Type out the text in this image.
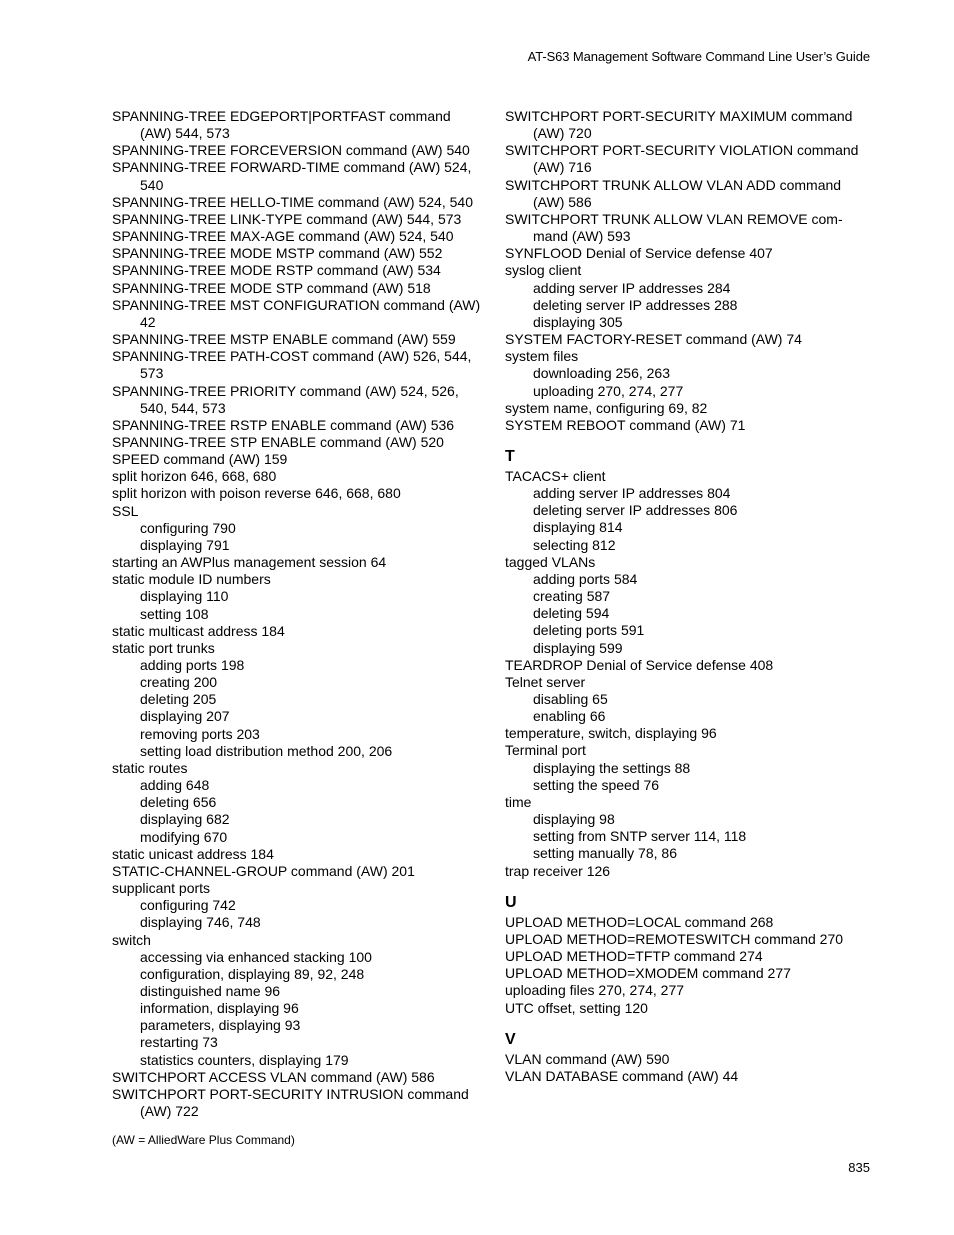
AT-S63 Management Software Command Line User’s Guide
SPANNING-TREE EDGEPORT|PORTFAST command (AW) 544, 573
SPANNING-TREE FORCEVERSION command (AW) 540
SPANNING-TREE FORWARD-TIME command (AW) 524, 540
SPANNING-TREE HELLO-TIME command (AW) 524, 540
SPANNING-TREE LINK-TYPE command (AW) 544, 573
SPANNING-TREE MAX-AGE command (AW) 524, 540
SPANNING-TREE MODE MSTP command (AW) 552
SPANNING-TREE MODE RSTP command (AW) 534
SPANNING-TREE MODE STP command (AW) 518
SPANNING-TREE MST CONFIGURATION command (AW) 42
SPANNING-TREE MSTP ENABLE command (AW) 559
SPANNING-TREE PATH-COST command (AW) 526, 544, 573
SPANNING-TREE PRIORITY command (AW) 524, 526, 540, 544, 573
SPANNING-TREE RSTP ENABLE command (AW) 536
SPANNING-TREE STP ENABLE command (AW) 520
SPEED command (AW) 159
split horizon 646, 668, 680
split horizon with poison reverse 646, 668, 680
SSL
configuring 790
displaying 791
starting an AWPlus management session 64
static module ID numbers
displaying 110
setting 108
static multicast address 184
static port trunks
adding ports 198
creating 200
deleting 205
displaying 207
removing ports 203
setting load distribution method 200, 206
static routes
adding 648
deleting 656
displaying 682
modifying 670
static unicast address 184
STATIC-CHANNEL-GROUP command (AW) 201
supplicant ports
configuring 742
displaying 746, 748
switch
accessing via enhanced stacking 100
configuration, displaying 89, 92, 248
distinguished name 96
information, displaying 96
parameters, displaying 93
restarting 73
statistics counters, displaying 179
SWITCHPORT ACCESS VLAN command (AW) 586
SWITCHPORT PORT-SECURITY INTRUSION command (AW) 722
SWITCHPORT PORT-SECURITY MAXIMUM command (AW) 720
SWITCHPORT PORT-SECURITY VIOLATION command (AW) 716
SWITCHPORT TRUNK ALLOW VLAN ADD command (AW) 586
SWITCHPORT TRUNK ALLOW VLAN REMOVE com-mand (AW) 593
SYNFLOOD Denial of Service defense 407
syslog client
adding server IP addresses 284
deleting server IP addresses 288
displaying 305
SYSTEM FACTORY-RESET command (AW) 74
system files
downloading 256, 263
uploading 270, 274, 277
system name, configuring 69, 82
SYSTEM REBOOT command (AW) 71
T
TACACS+ client
adding server IP addresses 804
deleting server IP addresses 806
displaying 814
selecting 812
tagged VLANs
adding ports 584
creating 587
deleting 594
deleting ports 591
displaying 599
TEARDROP Denial of Service defense 408
Telnet server
disabling 65
enabling 66
temperature, switch, displaying 96
Terminal port
displaying the settings 88
setting the speed 76
time
displaying 98
setting from SNTP server 114, 118
setting manually 78, 86
trap receiver 126
U
UPLOAD METHOD=LOCAL command 268
UPLOAD METHOD=REMOTESWITCH command 270
UPLOAD METHOD=TFTP command 274
UPLOAD METHOD=XMODEM command 277
uploading files 270, 274, 277
UTC offset, setting 120
V
VLAN command (AW) 590
VLAN DATABASE command (AW) 44
(AW = AlliedWare Plus Command)
835
